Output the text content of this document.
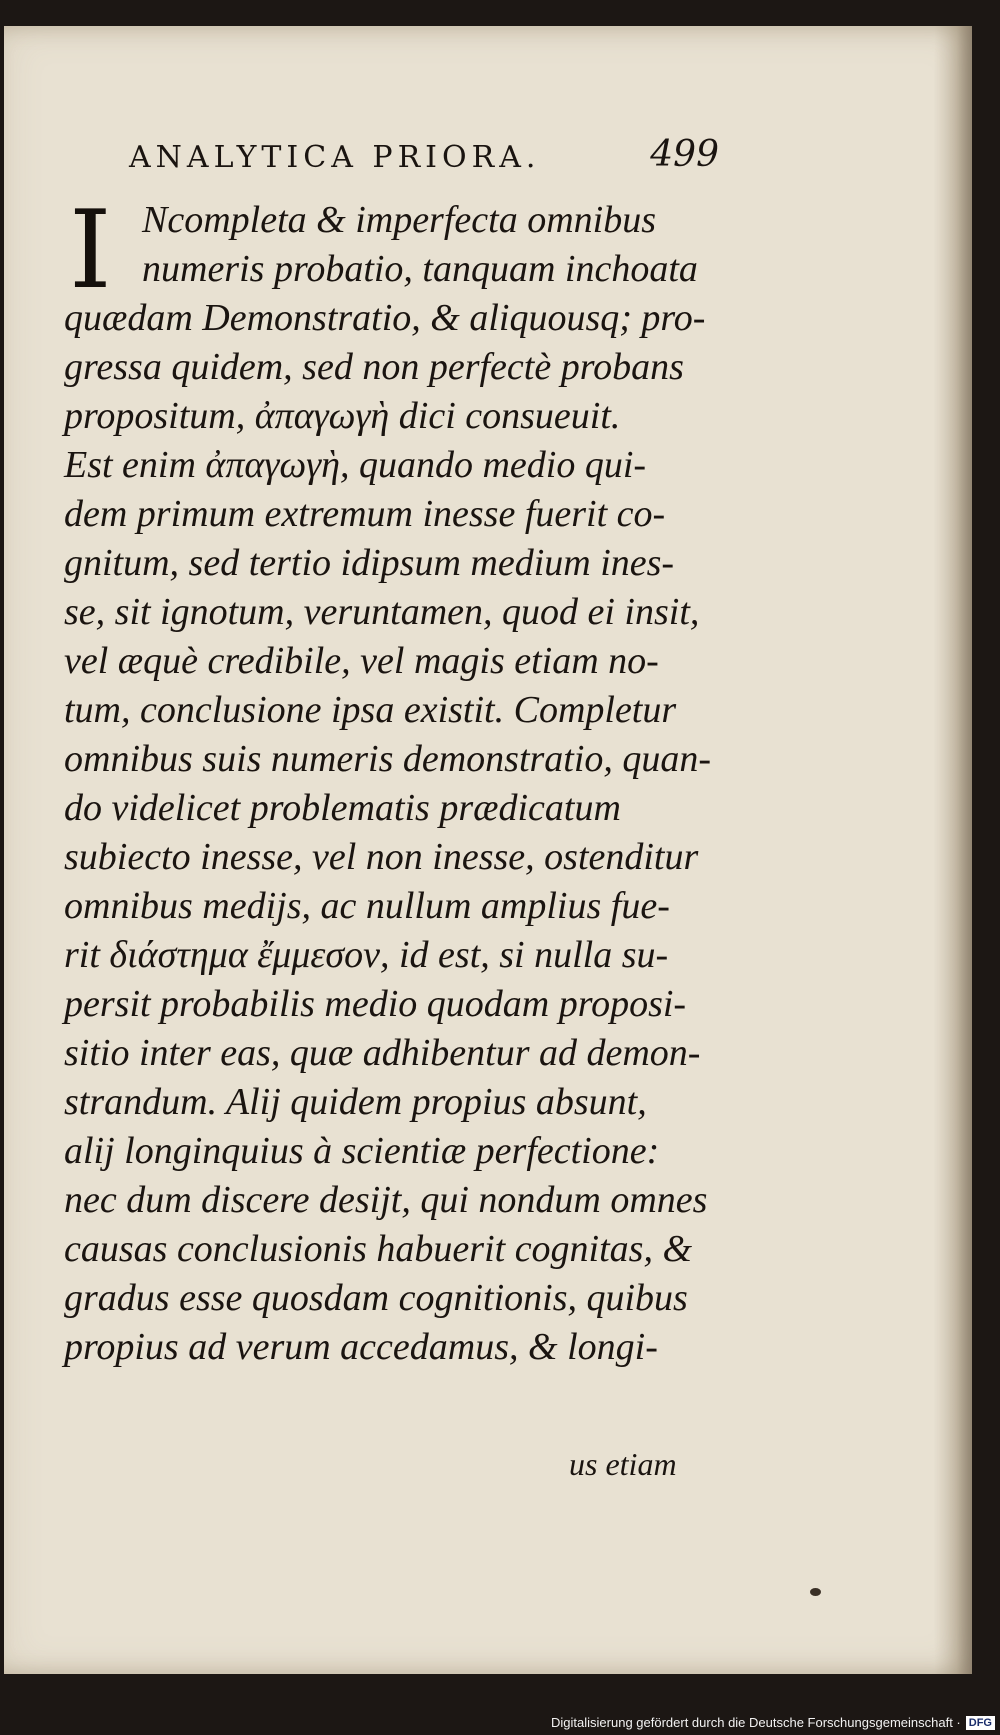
ANALYTICA PRIORA.	499
I Ncompleta & imperfecta omnibus
numeris probatio, tanquam inchoata
quædam Demonstratio, & aliquousq; pro-
gressa quidem, sed non perfectè probans
propositum, ἀπαγωγὴ dici consueuit.
Est enim ἀπαγωγὴ, quando medio qui-
dem primum extremum inesse fuerit co-
gnitum, sed tertio idipsum medium ines-
se, sit ignotum, veruntamen, quod ei insit,
vel æquè credibile, vel magis etiam no-
tum, conclusione ipsa existit. Completur
omnibus suis numeris demonstratio, quan-
do videlicet problematis prædicatum
subiecto inesse, vel non inesse, ostenditur
omnibus medijs, ac nullum amplius fue-
rit διάστημα ἔμμεσον, id est, si nulla su-
persit probabilis medio quodam proposi-
sitio inter eas, quæ adhibentur ad demon-
strandum. Alij quidem propius absunt,
alij longinquius à scientiæ perfectione:
nec dum discere desijt, qui nondum omnes
causas conclusionis habuerit cognitas, &
gradus esse quosdam cognitionis, quibus
propius ad verum accedamus, & longi-
us etiam
Digitalisierung gefördert durch die Deutsche Forschungsgemeinschaft · DFG
